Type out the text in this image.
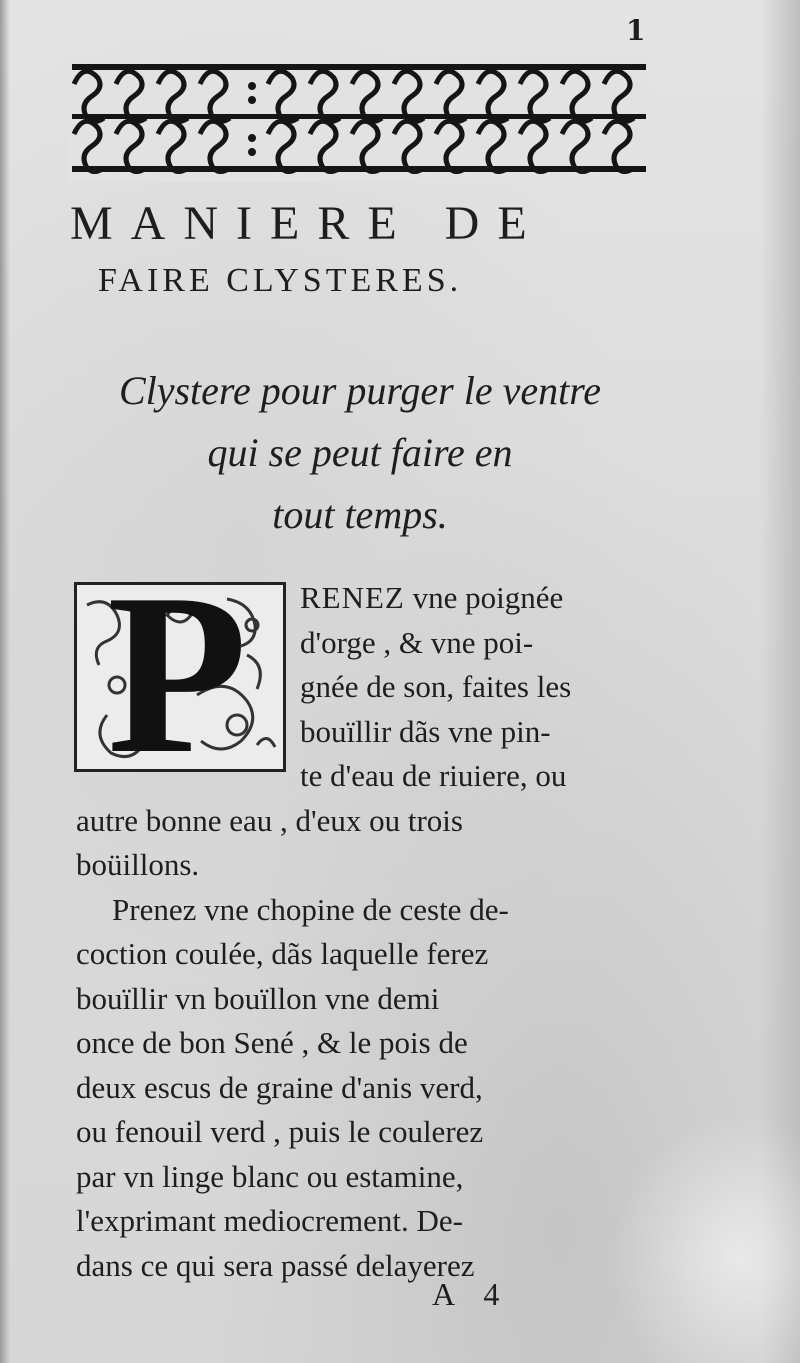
1
MANIERE DE
FAIRE CLYSTERES.
Clystere pour purger le ventre
qui se peut faire en
tout temps.
P	RENEZ vne poignée
d'orge , & vne poi-
gnée de son, faites les
bouïllir dãs vne pin-
te d'eau de riuiere, ou
autre bonne eau , d'eux ou trois
boüillons.
Prenez vne chopine de ceste de-
coction coulée, dãs laquelle ferez
bouïllir vn bouïllon vne demi
once de bon Sené , & le pois de
deux escus de graine d'anis verd,
ou fenouil verd , puis le coulerez
par vn linge blanc ou estamine,
l'exprimant mediocrement. De-
dans ce qui sera passé delayerez
A 4
